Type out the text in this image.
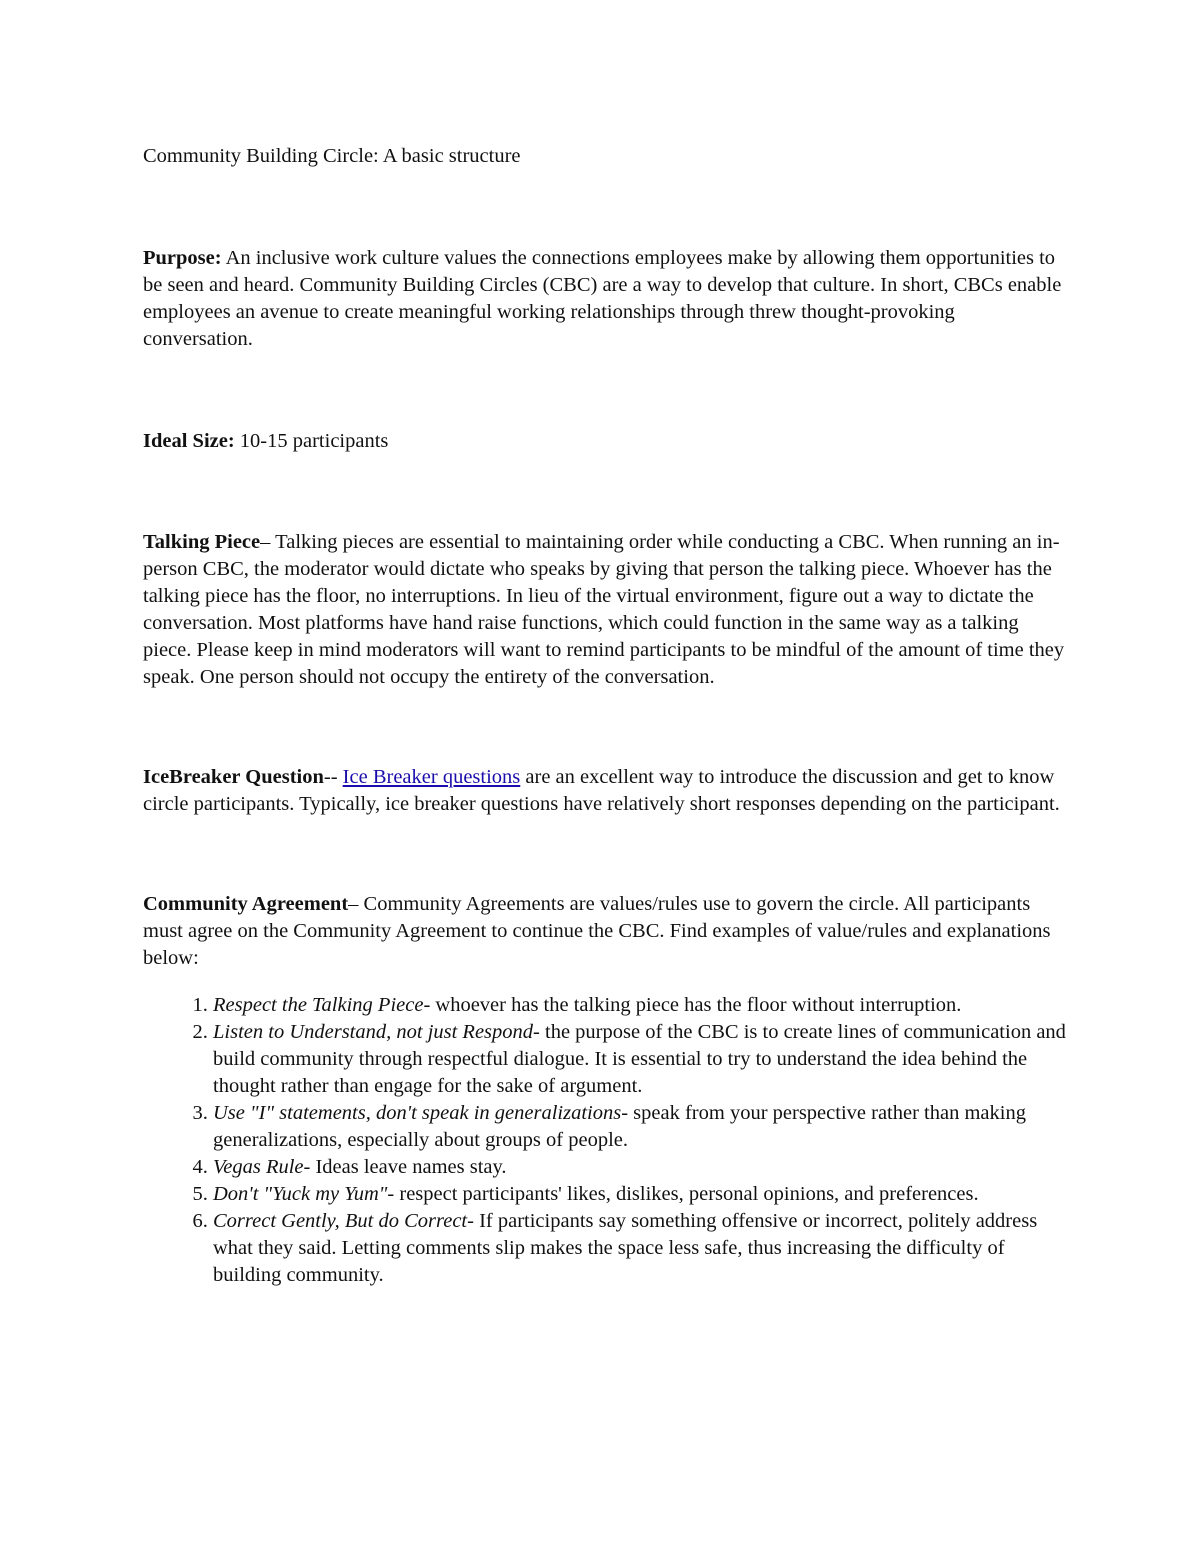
Community Building Circle: A basic structure

Purpose: An inclusive work culture values the connections employees make by allowing them opportunities to be seen and heard. Community Building Circles (CBC) are a way to develop that culture. In short, CBCs enable employees an avenue to create meaningful working relationships through threw thought-provoking conversation.

Ideal Size: 10-15 participants

Talking Piece– Talking pieces are essential to maintaining order while conducting a CBC. When running an in-person CBC, the moderator would dictate who speaks by giving that person the talking piece. Whoever has the talking piece has the floor, no interruptions. In lieu of the virtual environment, figure out a way to dictate the conversation. Most platforms have hand raise functions, which could function in the same way as a talking piece. Please keep in mind moderators will want to remind participants to be mindful of the amount of time they speak. One person should not occupy the entirety of the conversation.

IceBreaker Question-- Ice Breaker questions are an excellent way to introduce the discussion and get to know circle participants. Typically, ice breaker questions have relatively short responses depending on the participant.

Community Agreement– Community Agreements are values/rules use to govern the circle. All participants must agree on the Community Agreement to continue the CBC. Find examples of value/rules and explanations below:

1. Respect the Talking Piece- whoever has the talking piece has the floor without interruption.
2. Listen to Understand, not just Respond- the purpose of the CBC is to create lines of communication and build community through respectful dialogue. It is essential to try to understand the idea behind the thought rather than engage for the sake of argument.
3. Use "I" statements, don't speak in generalizations- speak from your perspective rather than making generalizations, especially about groups of people.
4. Vegas Rule- Ideas leave names stay.
5. Don't "Yuck my Yum"- respect participants' likes, dislikes, personal opinions, and preferences.
6. Correct Gently, But do Correct- If participants say something offensive or incorrect, politely address what they said. Letting comments slip makes the space less safe, thus increasing the difficulty of building community.
